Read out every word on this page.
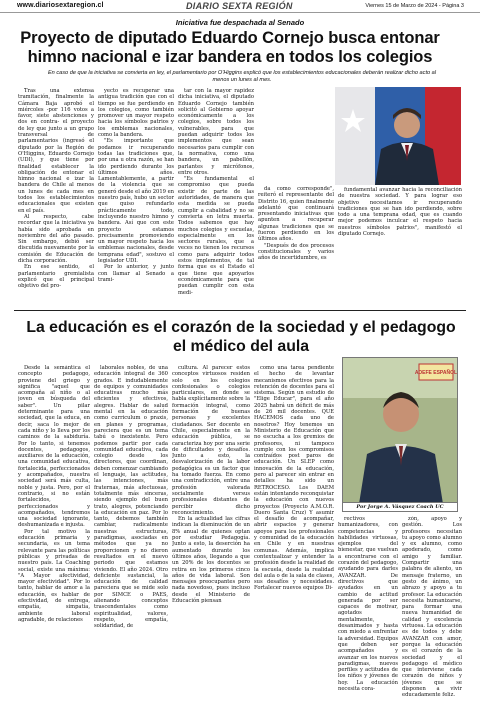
www.diariosextaregion.cl	DIARIO SEXTA REGIÓN	Viernes 15 de Marzo de 2024 - Página 3
Iniciativa fue despachada al Senado
Proyecto de diputado Eduardo Cornejo busca entonar himno nacional e izar bandera en todos los colegios
En caso de que la iniciativa se convierta en ley, el parlamentario por O'Higgins explicó que los establecimientos educacionales deberán realizar dicho acto al menos un lunes al mes.

Tras una extensa tramitación, finalmente la Cámara Baja aprobó el miércoles -por 116 votos a favor, siete abstenciones y dos en contra- el proyecto de ley que junto a un grupo transversal de parlamentarios (ingresó el diputado por la Región de O'Higgins, Eduardo Cornejo (UDI), y que tiene por finalidad establecer la obligación de entonar el himno nacional e izar la bandera de Chile al menos un lunes de cada mes en todos los establecimientos educacionales que existen en el país.

Al respecto, cabe recordar que la iniciativa ya había sido aprobada en noviembre del año pasado. Sin embargo, debió ser discutida nuevamente por la comisión de Educación de dicha corporación.

En ese sentido, el parlamentario gremialista explicó que el principal objetivo del pro-

yecto es recuperar una antigua tradición que con el tiempo se fue perdiendo en los colegios, como también promover un mayor respeto hacia los símbolos patrios y los emblemas nacionales, como la bandera.

"Es importante que podamos ir recuperando todas las tradiciones que, por una u otra razón, se han ido perdiendo durante los últimos años. Lamentablemente, a partir de la violencia que se generó desde el año 2019 en nuestro país, hubo un sector que quiso refundarlo prácticamente todo, incluyendo nuestro himno y bandera. Así que con este proyecto estamos precisamente promoviendo un mayor respeto hacia los emblemas nacionales, desde temprana edad", sostuvo el legislador UDI.

Por lo anterior, y junto con llamar al Senado a trami-

tar con la mayor rapidez dicha iniciativa, el diputado Eduardo Cornejo también solicitó al Gobierno apoyar económicamente a los colegios, sobre todos los vulnerables, para que puedan adquirir todos los implementos que sean necesarios para cumplir con la normativa, como una bandera, un pabellón, parlantes y micrófonos, entre otros.

"Es fundamental el compromiso que pueda existir de parte de las autoridades, de manera que esta medida se pueda cumplir a cabalidad y no se convierta en letra muerta. Todos sabemos que hay muchos colegios y escuelas, especialmente en los sectores rurales, que a veces no tienen los recursos como para adquirir todos estos implementos, de tal forma que es el Estado el que tiene que apoyarlos económicamente para que puedan cumplir con esta medi-

da como corresponde", reiteró el representante del Distrito 16, quien finalmente adelantó que continuará presentando iniciativas que apunten a recuperar algunas tradiciones que se fueron perdiendo en los últimos años.

"Después de dos procesos constitucionales y varios años de incertidumbre, es

fundamental avanzar hacia la reconciliación de nuestra sociedad. Y para lograr eso objetivo necesitamos ir recuperando tradiciones que se han ido perdiendo, sobre todo a una temprana edad, que es cuando mejor podemos inculcar el respeto hacia nuestros símbolos patrios", manifestó el diputado Cornejo.

La educación es el corazón de la sociedad y el pedagogo el médico del aula

Desde la semántica el concepto pedagogo, proviene del griego y significa "aquel que acompaña al niño o al joven en búsqueda del saber". Un pilar determinante para una sociedad, que la educa, en decir, saca lo mejor de cada niño y lo lleva por los caminos de la sabiduría. Por lo tanto, si tenemos docentes, pedagogos, auxiliares de la educación, una comunidad educativa, fortalecida, perfeccionados y acompañados, nuestra sociedad será más culta, noble y justa. Pero, por el contrario, si no están fortalecidos, perfeccionados y acompañados, tendremos una sociedad ignorante, deshumanizada e injusta.

Por tal motivo la educación primaria y secundaria, es un tema relevante para las políticas públicas y privadas de nuestro país. La Coaching social, existe una máxima: "A Mayor afectividad, mayor efectividad". Por lo tanto, hablar de amor a la educación, es hablar de efectividad, de entrega, empatía, simpatía, ambiente laboral agradable, de relaciones

laborales nobles, de una educación integral de 360 grados. E indudablemente de equipos y comunidades educativas mucho más eficientes y efectivos, alegres. Hablar de salud mental en la educación como curriculum o praxis, en planes y programas, pareciera que es un tema tabú o inexistente. Pero podemos partir por cada comunidad educativa, cada colegio desde los directores, que coordinan, deben comenzar cambiando el lenguaje, las actitudes, las intenciones, más fraternas, más afectuosas, totalmente más sinceras, siendo ejemplo del buen trato, alegres, potenciando la educación en paz. Por lo tanto, debemos también cambiar, radicalmente nuestras estructuras, paradigmas, asociadas en métodos que ya no proporcionen y no dieron resultados en el nuevo periodo que estamos viviendo. El año 2024. Otro deficiente sustancial, la educación de calidad pareciera que se mide solo por SIMCE o PAES, alienando conceptos trascendentales como espiritualidad, valores, respeto, empatía, solidaridad, de

cultura. Al parecer estos conceptos virtuosos residen solo en los colegios confesionales o colegios particulares, en donde se habla explícitamente sobre la formación integral, como formación de buenas personas y excelentes ciudadanos. Ser docente en Chile, especialmente en la educación pública, se caracteriza hoy por una serie de dificultades y desafíos. Junto a esto, la desvalorización de la labor pedagógica es un factor que ha tomado fuerza. En como una contradicción, entre una profesión valorada socialmente versus profesionales distantes de percibir dicho reconocimiento.

En la actualidad las cifras indican la disminución de un 8% anual de quienes optan por estudiar Pedagogía. Junto a esto, la deserción ha aumentado durante los últimos años, llegando a que un 20% de los docentes se retira en los primeros cinco años de vida laboral. Son mensajes preocupantes pero nada novedoso, pues incluso desde el Ministerio de Educación piensan

como una tarea pendiente el hecho de levantar mecanismos efectivos para la retención de docentes para el sistema. Según un estudio de "Elige Educar", para el año 2025 habrá un déficit de más de 26 mil docentes. QUE HACEMOS cada uno de nosotros? Hoy tenemos un Ministerio de Educación que no escucha a los gremios de profesores, ni tampoco cumple con los compromisos contraídos post paros de educación. Un SLEP como innovación de la educación, pero al parecer sin entrar en detalles ha sido un RETROCESO. Los DAEM están intentando reconquistar la educación con nuevos proyectos (Proyecto A.M.O.R. Duero Santa Cruz) Y asumir el desafío de acompañar, abrir espacios y generar apoyos para los profesionales y comunidad de la educación en Chile y en nuestras comunas. Además, implica contextualizar y entender la profesión desde la realidad de la escuela, desde la realidad del aula o de la sala de clases, sus desafíos y necesidades. Fortalecer nuevos equipos Di-

rectivos humanizadores, con competencias y habilidades virtuosas, ejemplos del bienestar, que vuelvan a encontrarse con el corazón del pedagogo, ayudando para darles AVANZAR. De directivos que ayudados en un cambio de actitud generada por ser capaces de motivar, agotados mentalmente, desanimados y hasta con miedo a enfrentar la adversidad. Equipos que deben ser acompañados y avanzar en los nuevos paradigmas, nuevos perfiles y actitudes de los niños y jóvenes de hoy. La educación necesita cora-

zón, apoyo y gestión. Los profesores necesitan tu apoyo como alumno y ex alumno, como apoderado, como amigo y familiar. Compartir una palabra de aliento, un mensaje fraterno, un gesto de ánimo, un abrazo y apoyo a tu profesor. La educación necesita humanizarse, para formar una nueva humanidad de calidad y excelencia virtuosa. La educación es de todos y debe AVANZAR con amor, porque la educación es el corazón de la sociedad y el pedagogo el médico que interviene cada corazón de niños y jóvenes que se disponen a vivir educadamente feliz.

ADEFE ESPAÑOL
Por Jorge A. Vásquez Coach UC
